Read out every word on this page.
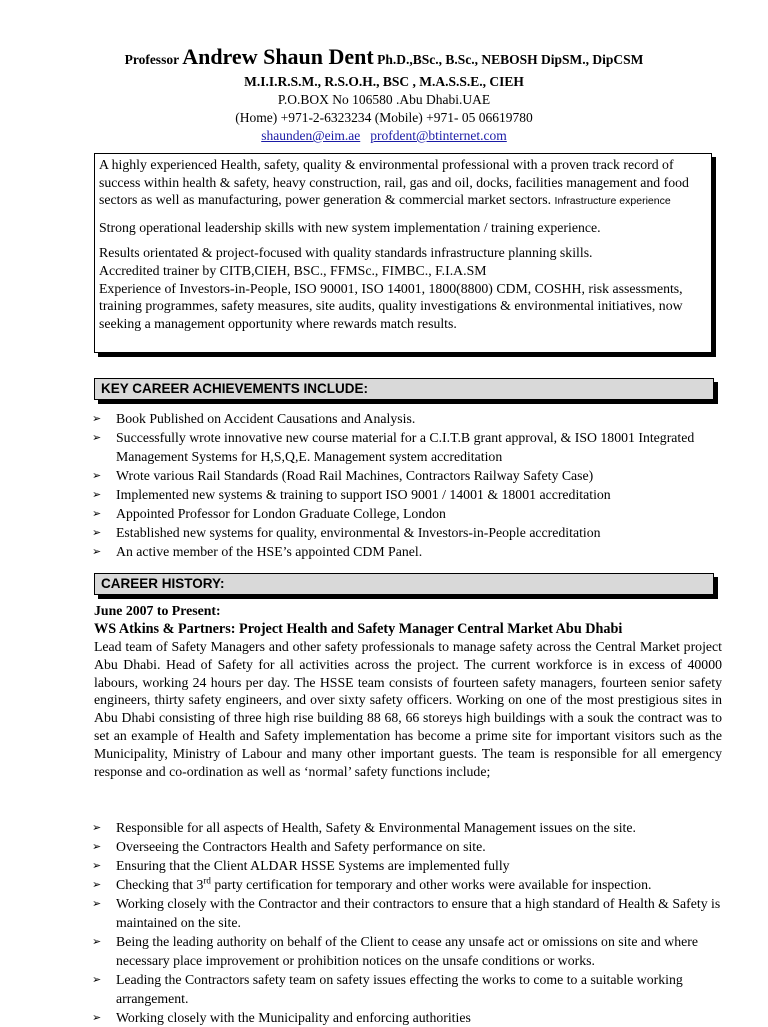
Professor Andrew Shaun Dent Ph.D.,BSc., B.Sc., NEBOSH DipSM., DipCSM
M.I.I.R.S.M., R.S.O.H., BSC , M.A.S.S.E., CIEH
P.O.BOX No 106580 .Abu Dhabi.UAE
(Home) +971-2-6323234 (Mobile) +971- 05 06619780
shaunden@eim.ae profdent@btinternet.com

A highly experienced Health, safety, quality & environmental professional with a proven track record of success within health & safety, heavy construction, rail, gas and oil, docks, facilities management and food sectors as well as manufacturing, power generation & commercial market sectors. Infrastructure experience

Strong operational leadership skills with new system implementation / training experience.

Results orientated & project-focused with quality standards infrastructure planning skills.

Accredited trainer by CITB,CIEH, BSC., FFMSc., FIMBC., F.I.A.SM

Experience of Investors-in-People, ISO 90001, ISO 14001, 1800(8800) CDM, COSHH, risk assessments, training programmes, safety measures, site audits, quality investigations & environmental initiatives, now seeking a management opportunity where rewards match results.

KEY CAREER ACHIEVEMENTS INCLUDE:
➢ Book Published on Accident Causations and Analysis.
➢ Successfully wrote innovative new course material for a C.I.T.B grant approval, & ISO 18001 Integrated Management Systems for H,S,Q,E. Management system accreditation
➢ Wrote various Rail Standards (Road Rail Machines, Contractors Railway Safety Case)
➢ Implemented new systems & training to support ISO 9001 / 14001 & 18001 accreditation
➢ Appointed Professor for London Graduate College, London
➢ Established new systems for quality, environmental & Investors-in-People accreditation
➢ An active member of the HSE’s appointed CDM Panel.
CAREER HISTORY:
June 2007 to Present:
WS Atkins & Partners: Project Health and Safety Manager Central Market Abu Dhabi

Lead team of Safety Managers and other safety professionals to manage safety across the Central Market project Abu Dhabi. Head of Safety for all activities across the project. The current workforce is in excess of 40000 labours, working 24 hours per day. The HSSE team consists of fourteen safety managers, fourteen senior safety engineers, thirty safety engineers, and over sixty safety officers. Working on one of the most prestigious sites in Abu Dhabi consisting of three high rise building 88 68, 66 storeys high buildings with a souk the contract was to set an example of Health and Safety implementation has become a prime site for important visitors such as the Municipality, Ministry of Labour and many other important guests. The team is responsible for all emergency response and co-ordination as well as ‘normal’ safety functions include;

➢ Responsible for all aspects of Health, Safety & Environmental Management issues on the site.
➢ Overseeing the Contractors Health and Safety performance on site.
➢ Ensuring that the Client ALDAR HSSE Systems are implemented fully
➢ Checking that 3rd party certification for temporary and other works were available for inspection.
➢ Working closely with the Contractor and their contractors to ensure that a high standard of Health & Safety is maintained on the site.
➢ Being the leading authority on behalf of the Client to cease any unsafe act or omissions on site and where necessary place improvement or prohibition notices on the unsafe conditions or works.
➢ Leading the Contractors safety team on safety issues effecting the works to come to a suitable working arrangement.
➢ Working closely with the Municipality and enforcing authorities
